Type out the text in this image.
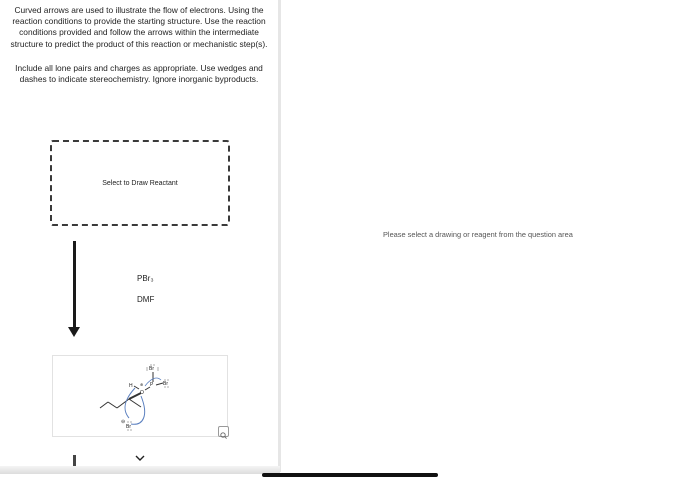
Curved arrows are used to illustrate the flow of electrons. Using the reaction conditions to provide the starting structure. Use the reaction conditions provided and follow the arrows within the intermediate structure to predict the product of this reaction or mechanistic step(s).

Include all lone pairs and charges as appropriate. Use wedges and dashes to indicate stereochemistry. Ignore inorganic byproducts.

Select to Draw Reactant
PBr₃
DMF
H
O
P
Br
Br
Br
⊕
⊖
Please select a drawing or reagent from the question area
